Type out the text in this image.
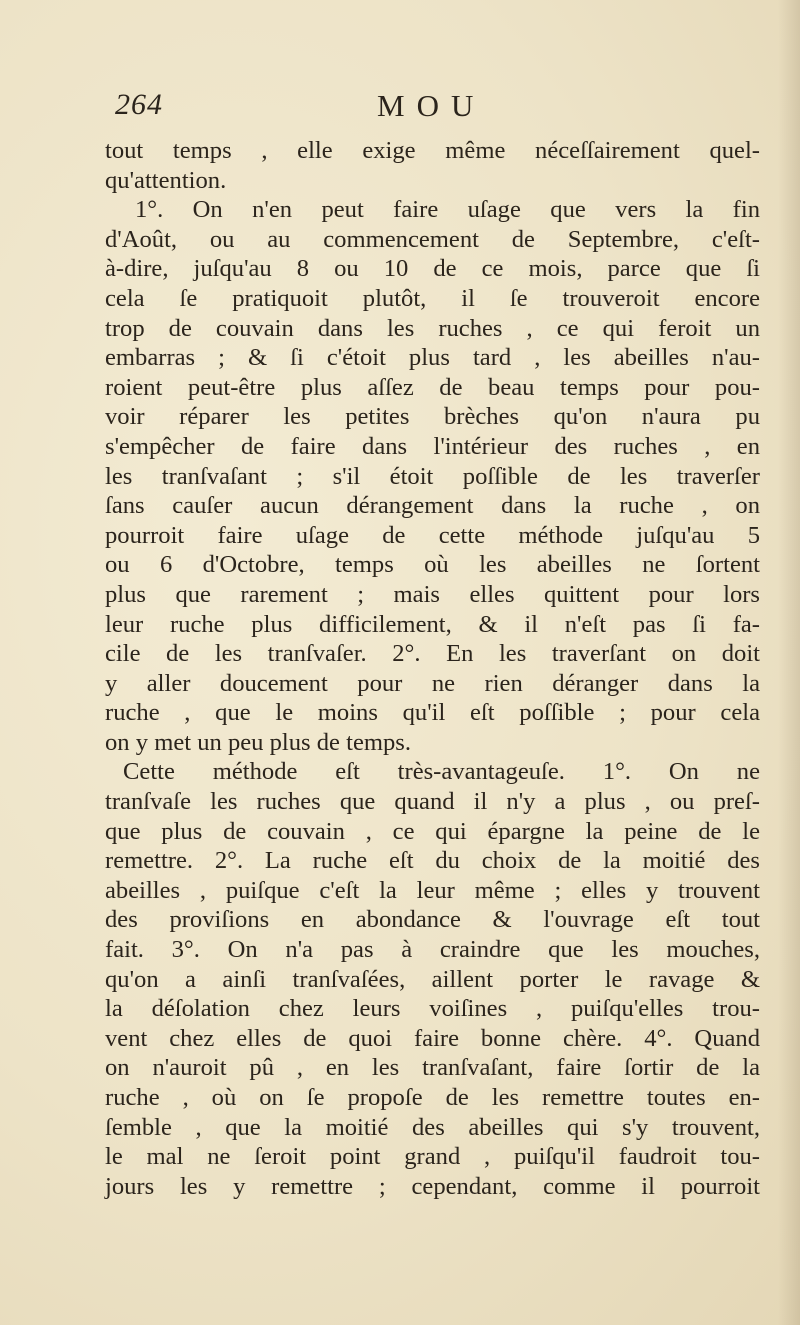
264	MOU

tout temps , elle exige même néceſſairement quel-
qu'attention.
1°. On n'en peut faire uſage que vers la fin
d'Août, ou au commencement de Septembre, c'eſt-
à-dire, juſqu'au 8 ou 10 de ce mois, parce que ſi
cela ſe pratiquoit plutôt, il ſe trouveroit encore
trop de couvain dans les ruches , ce qui feroit un
embarras ; & ſi c'étoit plus tard , les abeilles n'au-
roient peut-être plus aſſez de beau temps pour pou-
voir réparer les petites brèches qu'on n'aura pu
s'empêcher de faire dans l'intérieur des ruches , en
les tranſvaſant ; s'il étoit poſſible de les traverſer
ſans cauſer aucun dérangement dans la ruche , on
pourroit faire uſage de cette méthode juſqu'au 5
ou 6 d'Octobre, temps où les abeilles ne ſortent
plus que rarement ; mais elles quittent pour lors
leur ruche plus difficilement, & il n'eſt pas ſi fa-
cile de les tranſvaſer. 2°. En les traverſant on doit
y aller doucement pour ne rien déranger dans la
ruche , que le moins qu'il eſt poſſible ; pour cela
on y met un peu plus de temps.
Cette méthode eſt très-avantageuſe. 1°. On ne
tranſvaſe les ruches que quand il n'y a plus , ou preſ-
que plus de couvain , ce qui épargne la peine de le
remettre. 2°. La ruche eſt du choix de la moitié des
abeilles , puiſque c'eſt la leur même ; elles y trouvent
des proviſions en abondance & l'ouvrage eſt tout
fait. 3°. On n'a pas à craindre que les mouches,
qu'on a ainſi tranſvaſées, aillent porter le ravage &
la déſolation chez leurs voiſines , puiſqu'elles trou-
vent chez elles de quoi faire bonne chère. 4°. Quand
on n'auroit pû , en les tranſvaſant, faire ſortir de la
ruche , où on ſe propoſe de les remettre toutes en-
ſemble , que la moitié des abeilles qui s'y trouvent,
le mal ne ſeroit point grand , puiſqu'il faudroit tou-
jours les y remettre ; cependant, comme il pourroit
